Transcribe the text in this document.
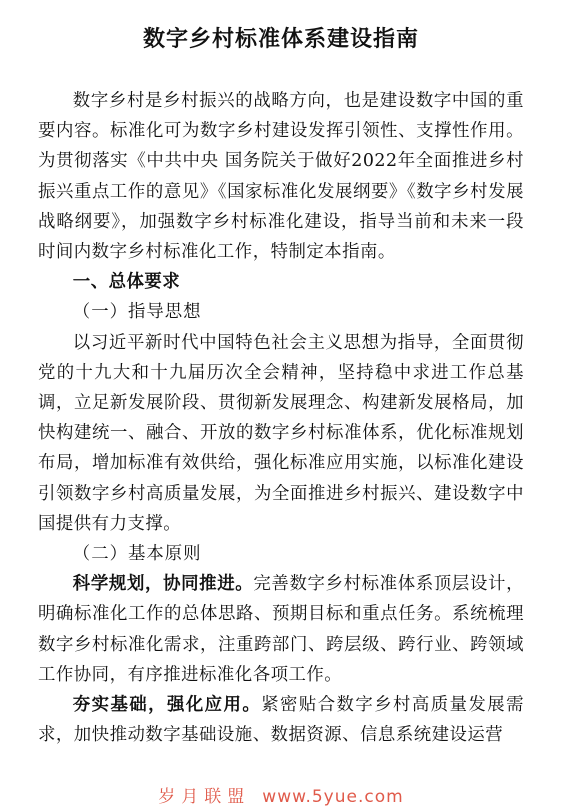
数字乡村标准体系建设指南

数字乡村是乡村振兴的战略方向，也是建设数字中国的重要内容。标准化可为数字乡村建设发挥引领性、支撑性作用。为贯彻落实《中共中央 国务院关于做好2022年全面推进乡村振兴重点工作的意见》《国家标准化发展纲要》《数字乡村发展战略纲要》，加强数字乡村标准化建设，指导当前和未来一段时间内数字乡村标准化工作，特制定本指南。

一、总体要求

（一）指导思想

以习近平新时代中国特色社会主义思想为指导，全面贯彻党的十九大和十九届历次全会精神，坚持稳中求进工作总基调，立足新发展阶段、贯彻新发展理念、构建新发展格局，加快构建统一、融合、开放的数字乡村标准体系，优化标准规划布局，增加标准有效供给，强化标准应用实施，以标准化建设引领数字乡村高质量发展，为全面推进乡村振兴、建设数字中国提供有力支撑。

（二）基本原则

科学规划，协同推进。完善数字乡村标准体系顶层设计，明确标准化工作的总体思路、预期目标和重点任务。系统梳理数字乡村标准化需求，注重跨部门、跨层级、跨行业、跨领域工作协同，有序推进标准化各项工作。

夯实基础，强化应用。紧密贴合数字乡村高质量发展需求，加快推动数字基础设施、数据资源、信息系统建设运营

岁月联盟 www.5yue.com
